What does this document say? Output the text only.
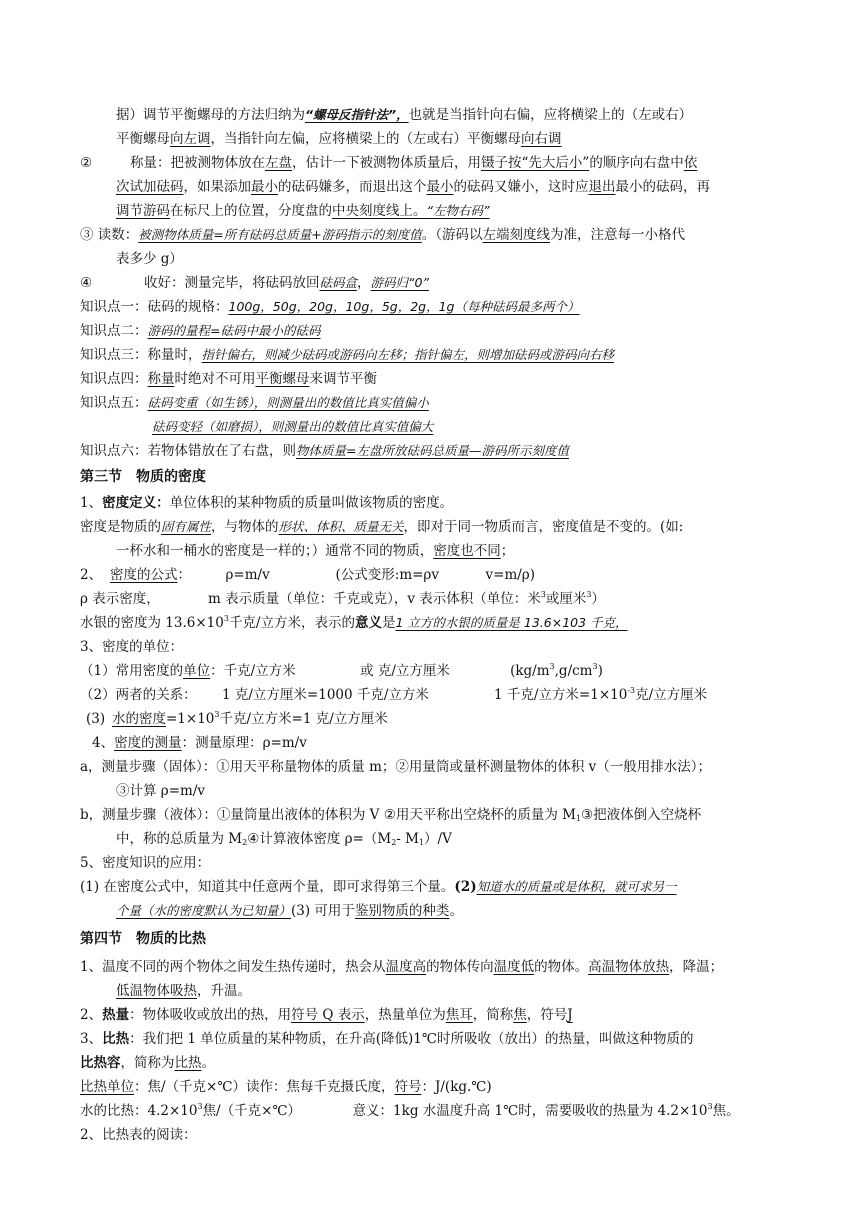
据）调节平衡螺母的方法归纳为“螺母反指针法”，也就是当指针向右偏，应将横梁上的（左或右）
平衡螺母向左调，当指针向左偏，应将横梁上的（左或右）平衡螺母向右调
②	称量：把被测物体放在左盘，估计一下被测物体质量后，用镊子按“先大后小”的顺序向右盘中依
次试加砝码，如果添加最小的砝码嫌多，而退出这个最小的砝码又嫌小，这时应退出最小的砝码，再
调节游码在标尺上的位置，分度盘的中央刻度线上。“左物右码”
③ 读数：被测物体质量=所有砝码总质量+游码指示的刻度值。（游码以左端刻度线为准，注意每一小格代
表多少 g）
④	收好：测量完毕，将砝码放回砝码盒，游码归“0”
知识点一：砝码的规格：100g，50g，20g，10g，5g，2g，1g（每种砝码最多两个）
知识点二：游码的量程=砝码中最小的砝码
知识点三：称量时，指针偏右，则减少砝码或游码向左移；指针偏左，则增加砝码或游码向右移
知识点四：称量时绝对不可用平衡螺母来调节平衡
知识点五：砝码变重（如生锈），则测量出的数值比真实值偏小
砝码变轻（如磨损），则测量出的数值比真实值偏大
知识点六：若物体错放在了右盘，则物体质量=左盘所放砝码总质量—游码所示刻度值
第三节　物质的密度
1、密度定义：单位体积的某种物质的质量叫做该物质的密度。
密度是物质的固有属性，与物体的形状、体积、质量无关，即对于同一物质而言，密度值是不变的。(如:
一杯水和一桶水的密度是一样的；）通常不同的物质，密度也不同；
2、 密度的公式：	ρ=m/v	(公式变形:m=ρv	v=m/ρ)
ρ 表示密度，	m 表示质量（单位：千克或克），v 表示体积（单位：米$^3$或厘米$^3$）
水银的密度为 $13.6\times 10^3$千克/立方米，表示的意义是1 立方的水银的质量是 13.6×103 千克，
3、密度的单位：
（1）常用密度的单位：千克/立方米	或 克/立方厘米	$(kg/m^3,g/cm^3)$
（2）两者的关系： 1 克/立方厘米=1000 千克/立方米	1 千克/立方米$=1\times 10^{-3}$克/立方厘米
(3) 水的密度$=1\times 10^3$千克/立方米=1 克/立方厘米
4、密度的测量：测量原理：ρ=m/v
a，测量步骤（固体）：①用天平称量物体的质量 m；②用量筒或量杯测量物体的体积 v（一般用排水法）；
③计算 ρ=m/v
b，测量步骤（液体）：①量筒量出液体的体积为 V ②用天平称出空烧杯的质量为 $M_1③$把液体倒入空烧杯
中，称的总质量为 $M_2④$计算液体密度 $\rho=(M_2-$ $M_1)/V$
5、密度知识的应用：
(1) 在密度公式中，知道其中任意两个量，即可求得第三个量。(2)知道水的质量或是体积，就可求另一
个量（水的密度默认为已知量）(3) 可用于鉴别物质的种类。
第四节　物质的比热
1、温度不同的两个物体之间发生热传递时，热会从温度高的物体传向温度低的物体。高温物体放热，降温；
低温物体吸热，升温。
2、热量：物体吸收或放出的热，用符号 Q 表示，热量单位为焦耳，简称焦，符号J
3、比热：我们把 1 单位质量的某种物质，在升高(降低)1℃时所吸收（放出）的热量，叫做这种物质的
比热容，简称为比热。
比热单位：焦/（千克×℃）读作：焦每千克摄氏度，符号：J/(kg.℃)
水的比热：$4.2\times 10^3$焦/（千克×℃）	意义：1kg 水温度升高 1℃时，需要吸收的热量为 $4.2\times 10^3$焦。
2、比热表的阅读：
